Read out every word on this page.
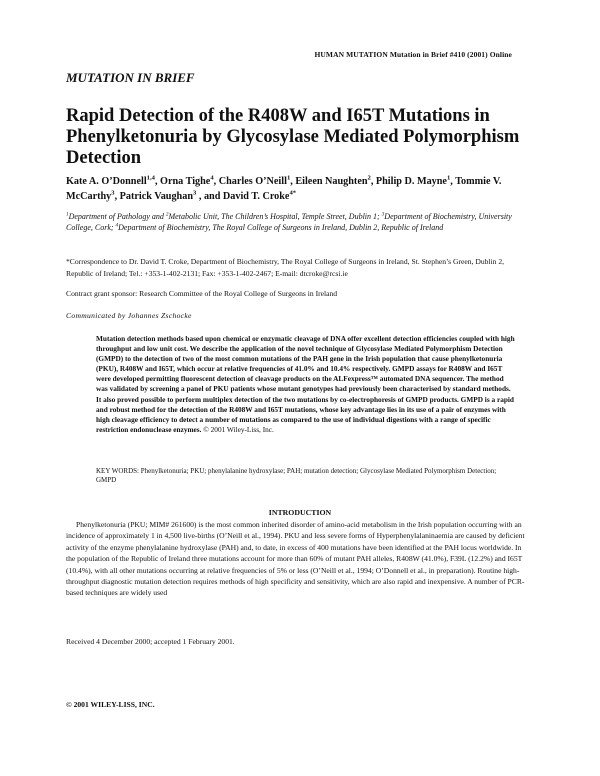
HUMAN MUTATION Mutation in Brief #410 (2001) Online
MUTATION IN BRIEF
Rapid Detection of the R408W and I65T Mutations in Phenylketonuria by Glycosylase Mediated Polymorphism Detection

Kate A. O’Donnell$^{1,4}$, Orna Tighe$^4$, Charles O’Neill$^1$, Eileen Naughten$^2$, Philip D. Mayne$^1$, Tommie V. McCarthy$^3$, Patrick Vaughan$^3$ , and David T. Croke$^{4*}$

$^1$Department of Pathology and $^2$Metabolic Unit, The Children’s Hospital, Temple Street, Dublin 1; $^3$Department of Biochemistry, University College, Cork; $^4$Department of Biochemistry, The Royal College of Surgeons in Ireland, Dublin 2, Republic of Ireland

*Correspondence to Dr. David T. Croke, Department of Biochemistry, The Royal College of Surgeons in Ireland, St. Stephen’s Green, Dublin 2, Republic of Ireland; Tel.: +353-1-402-2131; Fax: +353-1-402-2467; E-mail: dtcroke@rcsi.ie

Contract grant sponsor: Research Committee of the Royal College of Surgeons in Ireland

Communicated by Johannes Zschocke

Mutation detection methods based upon chemical or enzymatic cleavage of DNA offer excellent detection efficiencies coupled with high throughput and low unit cost. We describe the application of the novel technique of Glycosylase Mediated Polymorphism Detection (GMPD) to the detection of two of the most common mutations of the PAH gene in the Irish population that cause phenylketonuria (PKU), R408W and I65T, which occur at relative frequencies of 41.0% and 10.4% respectively. GMPD assays for R408W and I65T were developed permitting fluorescent detection of cleavage products on the ALFexpress™ automated DNA sequencer. The method was validated by screening a panel of PKU patients whose mutant genotypes had previously been characterised by standard methods. It also proved possible to perform multiplex detection of the two mutations by co-electrophoresis of GMPD products. GMPD is a rapid and robust method for the detection of the R408W and I65T mutations, whose key advantage lies in its use of a pair of enzymes with high cleavage efficiency to detect a number of mutations as compared to the use of individual digestions with a range of specific restriction endonuclease enzymes. © 2001 Wiley-Liss, Inc.

KEY WORDS: Phenylketonuria; PKU; phenylalanine hydroxylase; PAH; mutation detection; Glycosylase Mediated Polymorphism Detection; GMPD

INTRODUCTION

Phenylketonuria (PKU; MIM# 261600) is the most common inherited disorder of amino-acid metabolism in the Irish population occurring with an incidence of approximately 1 in 4,500 live-births (O’Neill et al., 1994). PKU and less severe forms of Hyperphenylalaninaemia are caused by deficient activity of the enzyme phenylalanine hydroxylase (PAH) and, to date, in excess of 400 mutations have been identified at the PAH locus worldwide. In the population of the Republic of Ireland three mutations account for more than 60% of mutant PAH alleles, R408W (41.0%), F39L (12.2%) and I65T (10.4%), with all other mutations occurring at relative frequencies of 5% or less (O’Neill et al., 1994; O’Donnell et al., in preparation). Routine high-throughput diagnostic mutation detection requires methods of high specificity and sensitivity, which are also rapid and inexpensive. A number of PCR-based techniques are widely used

Received 4 December 2000; accepted 1 February 2001.

© 2001 WILEY-LISS, INC.
